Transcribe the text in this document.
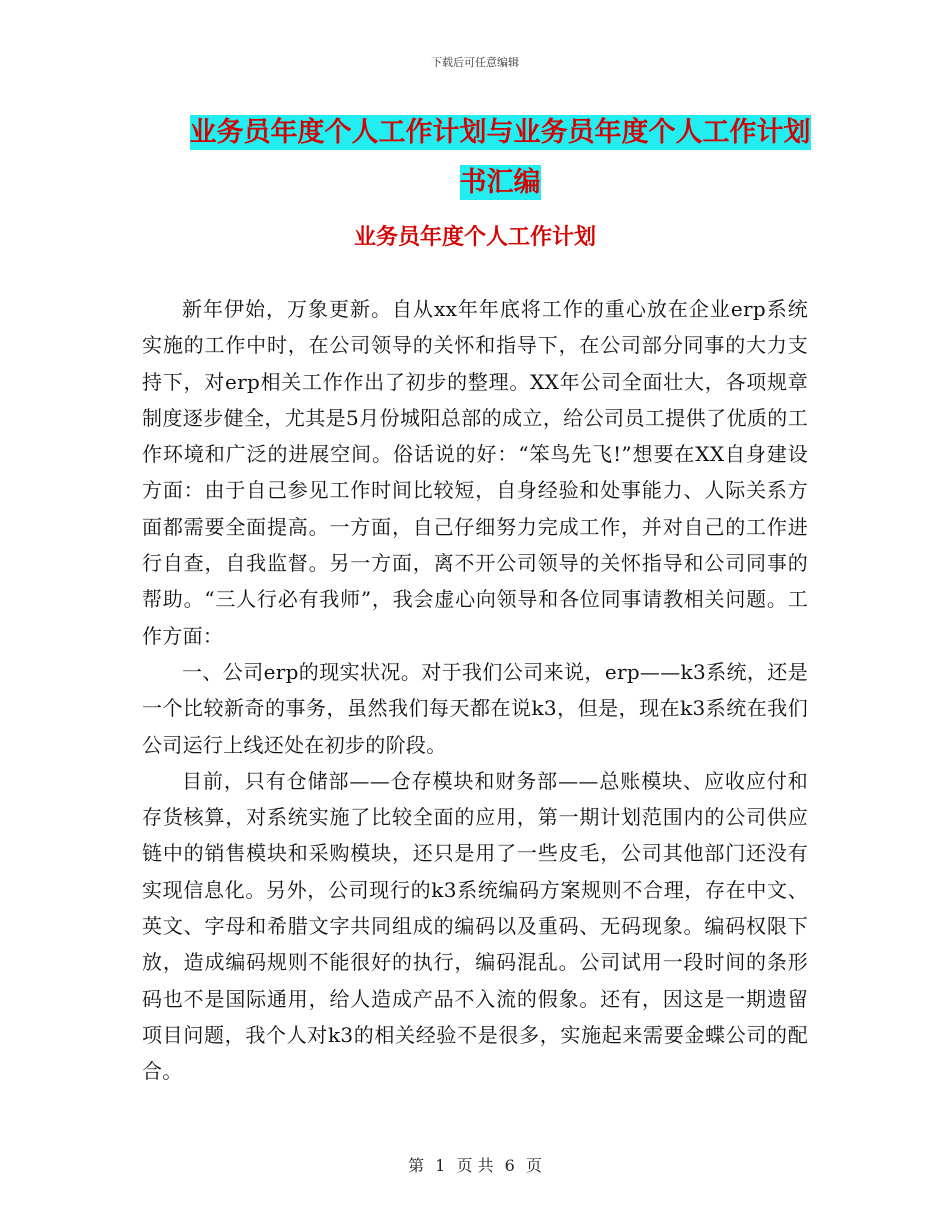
下载后可任意编辑
业务员年度个人工作计划与业务员年度个人工作计划
书汇编
业务员年度个人工作计划

新年伊始，万象更新。自从xx年年底将工作的重心放在企业erp系统实施的工作中时，在公司领导的关怀和指导下，在公司部分同事的大力支持下，对erp相关工作作出了初步的整理。XX年公司全面壮大，各项规章制度逐步健全，尤其是5月份城阳总部的成立，给公司员工提供了优质的工作环境和广泛的进展空间。俗话说的好：“笨鸟先飞!”想要在XX自身建设方面：由于自己参见工作时间比较短，自身经验和处事能力、人际关系方面都需要全面提高。一方面，自己仔细努力完成工作，并对自己的工作进行自查，自我监督。另一方面，离不开公司领导的关怀指导和公司同事的帮助。“三人行必有我师”，我会虚心向领导和各位同事请教相关问题。工作方面：

一、公司erp的现实状况。对于我们公司来说，erp——k3系统，还是一个比较新奇的事务，虽然我们每天都在说k3，但是，现在k3系统在我们公司运行上线还处在初步的阶段。

目前，只有仓储部——仓存模块和财务部——总账模块、应收应付和存货核算，对系统实施了比较全面的应用，第一期计划范围内的公司供应链中的销售模块和采购模块，还只是用了一些皮毛，公司其他部门还没有实现信息化。另外，公司现行的k3系统编码方案规则不合理，存在中文、英文、字母和希腊文字共同组成的编码以及重码、无码现象。编码权限下放，造成编码规则不能很好的执行，编码混乱。公司试用一段时间的条形码也不是国际通用，给人造成产品不入流的假象。还有，因这是一期遗留项目问题，我个人对k3的相关经验不是很多，实施起来需要金蝶公司的配合。

第 1 页 共 6 页
